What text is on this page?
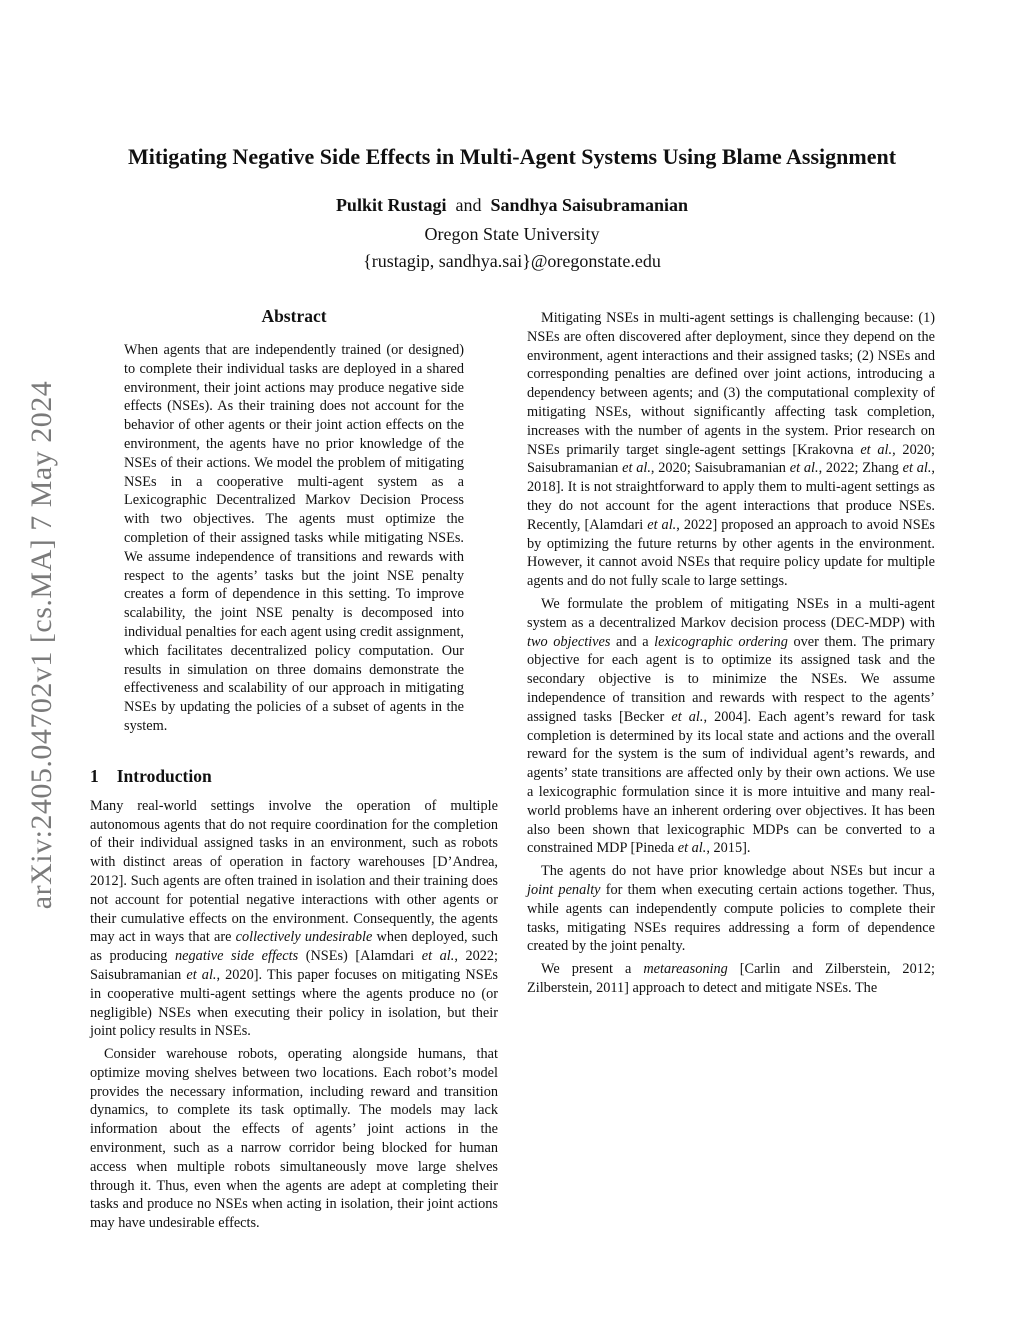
arXiv:2405.04702v1 [cs.MA] 7 May 2024
Mitigating Negative Side Effects in Multi-Agent Systems Using Blame Assignment
Pulkit Rustagi and Sandhya Saisubramanian
Oregon State University
{rustagip, sandhya.sai}@oregonstate.edu
Abstract

When agents that are independently trained (or designed) to complete their individual tasks are deployed in a shared environment, their joint actions may produce negative side effects (NSEs). As their training does not account for the behavior of other agents or their joint action effects on the environment, the agents have no prior knowledge of the NSEs of their actions. We model the problem of mitigating NSEs in a cooperative multi-agent system as a Lexicographic Decentralized Markov Decision Process with two objectives. The agents must optimize the completion of their assigned tasks while mitigating NSEs. We assume independence of transitions and rewards with respect to the agents’ tasks but the joint NSE penalty creates a form of dependence in this setting. To improve scalability, the joint NSE penalty is decomposed into individual penalties for each agent using credit assignment, which facilitates decentralized policy computation. Our results in simulation on three domains demonstrate the effectiveness and scalability of our approach in mitigating NSEs by updating the policies of a subset of agents in the system.

1 Introduction

Many real-world settings involve the operation of multiple autonomous agents that do not require coordination for the completion of their individual assigned tasks in an environment, such as robots with distinct areas of operation in factory warehouses [D’Andrea, 2012]. Such agents are often trained in isolation and their training does not account for potential negative interactions with other agents or their cumulative effects on the environment. Consequently, the agents may act in ways that are collectively undesirable when deployed, such as producing negative side effects (NSEs) [Alamdari et al., 2022; Saisubramanian et al., 2020]. This paper focuses on mitigating NSEs in cooperative multi-agent settings where the agents produce no (or negligible) NSEs when executing their policy in isolation, but their joint policy results in NSEs.

Consider warehouse robots, operating alongside humans, that optimize moving shelves between two locations. Each robot’s model provides the necessary information, including reward and transition dynamics, to complete its task optimally. The models may lack information about the effects of agents’ joint actions in the environment, such as a narrow corridor being blocked for human access when multiple robots simultaneously move large shelves through it. Thus, even when the agents are adept at completing their tasks and produce no NSEs when acting in isolation, their joint actions may have undesirable effects.

Mitigating NSEs in multi-agent settings is challenging because: (1) NSEs are often discovered after deployment, since they depend on the environment, agent interactions and their assigned tasks; (2) NSEs and corresponding penalties are defined over joint actions, introducing a dependency between agents; and (3) the computational complexity of mitigating NSEs, without significantly affecting task completion, increases with the number of agents in the system. Prior research on NSEs primarily target single-agent settings [Krakovna et al., 2020; Saisubramanian et al., 2020; Saisubramanian et al., 2022; Zhang et al., 2018]. It is not straightforward to apply them to multi-agent settings as they do not account for the agent interactions that produce NSEs. Recently, [Alamdari et al., 2022] proposed an approach to avoid NSEs by optimizing the future returns by other agents in the environment. However, it cannot avoid NSEs that require policy update for multiple agents and do not fully scale to large settings.

We formulate the problem of mitigating NSEs in a multi-agent system as a decentralized Markov decision process (DEC-MDP) with two objectives and a lexicographic ordering over them. The primary objective for each agent is to optimize its assigned task and the secondary objective is to minimize the NSEs. We assume independence of transition and rewards with respect to the agents’ assigned tasks [Becker et al., 2004]. Each agent’s reward for task completion is determined by its local state and actions and the overall reward for the system is the sum of individual agent’s rewards, and agents’ state transitions are affected only by their own actions. We use a lexicographic formulation since it is more intuitive and many real-world problems have an inherent ordering over objectives. It has been also been shown that lexicographic MDPs can be converted to a constrained MDP [Pineda et al., 2015].

The agents do not have prior knowledge about NSEs but incur a joint penalty for them when executing certain actions together. Thus, while agents can independently compute policies to complete their tasks, mitigating NSEs requires addressing a form of dependence created by the joint penalty.

We present a metareasoning [Carlin and Zilberstein, 2012; Zilberstein, 2011] approach to detect and mitigate NSEs. The
